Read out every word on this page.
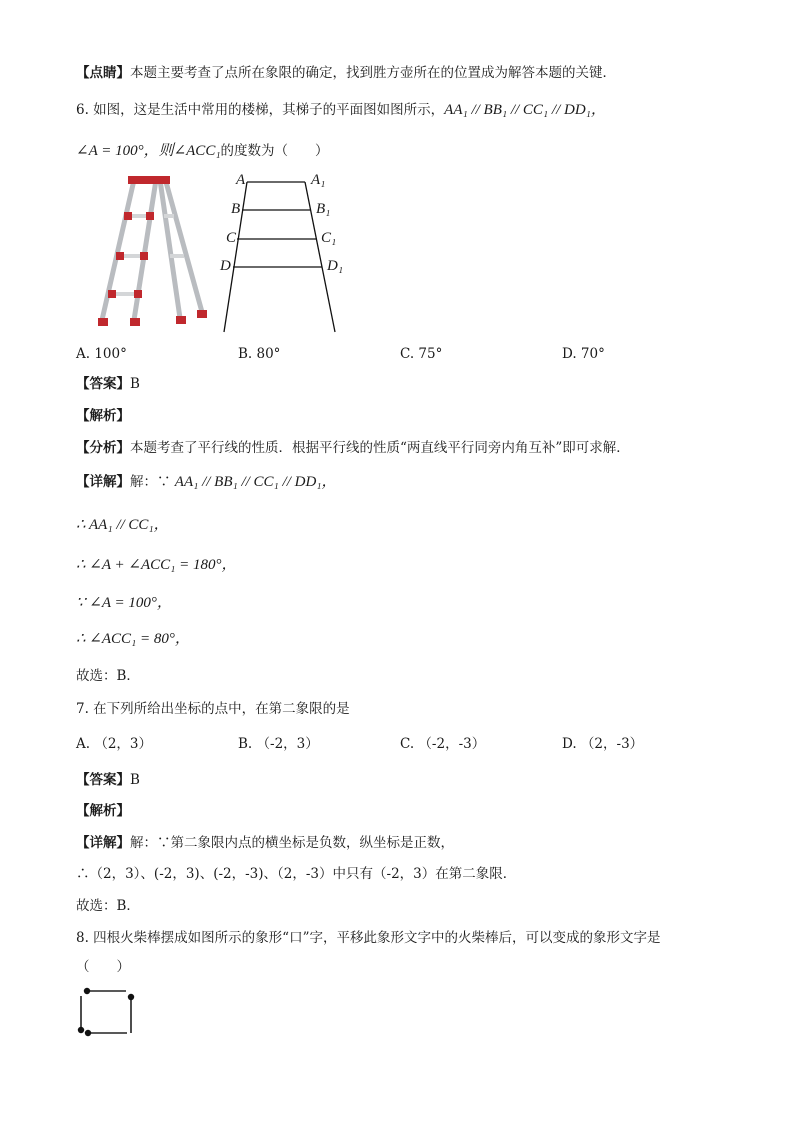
【点睛】本题主要考查了点所在象限的确定，找到胜方壶所在的位置成为解答本题的关键．
6. 如图，这是生活中常用的楼梯，其梯子的平面图如图所示，AA₁ // BB₁ // CC₁ // DD₁，
∠A = 100°，则∠ACC₁的度数为（　　）
A	A₁
B	B₁
C	C₁
D	D₁
A. 100°	B. 80°	C. 75°	D. 70°
【答案】B
【解析】
【分析】本题考查了平行线的性质．根据平行线的性质“两直线平行同旁内角互补”即可求解．
【详解】解：∵ AA₁ // BB₁ // CC₁ // DD₁，
∴ AA₁ // CC₁，
∴ ∠A + ∠ACC₁ = 180°，
∵ ∠A = 100°，
∴ ∠ACC₁ = 80°，
故选：B．
7. 在下列所给出坐标的点中，在第二象限的是
A. （2，3）	B. （-2，3）	C. （-2，-3）	D. （2，-3）
【答案】B
【解析】
【详解】解：∵第二象限内点的横坐标是负数，纵坐标是正数，
∴（2，3）、(-2，3)、(-2，-3)、（2，-3）中只有（-2，3）在第二象限．
故选：B．
8. 四根火柴棒摆成如图所示的象形“口”字，平移此象形文字中的火柴棒后，可以变成的象形文字是
（　　）
